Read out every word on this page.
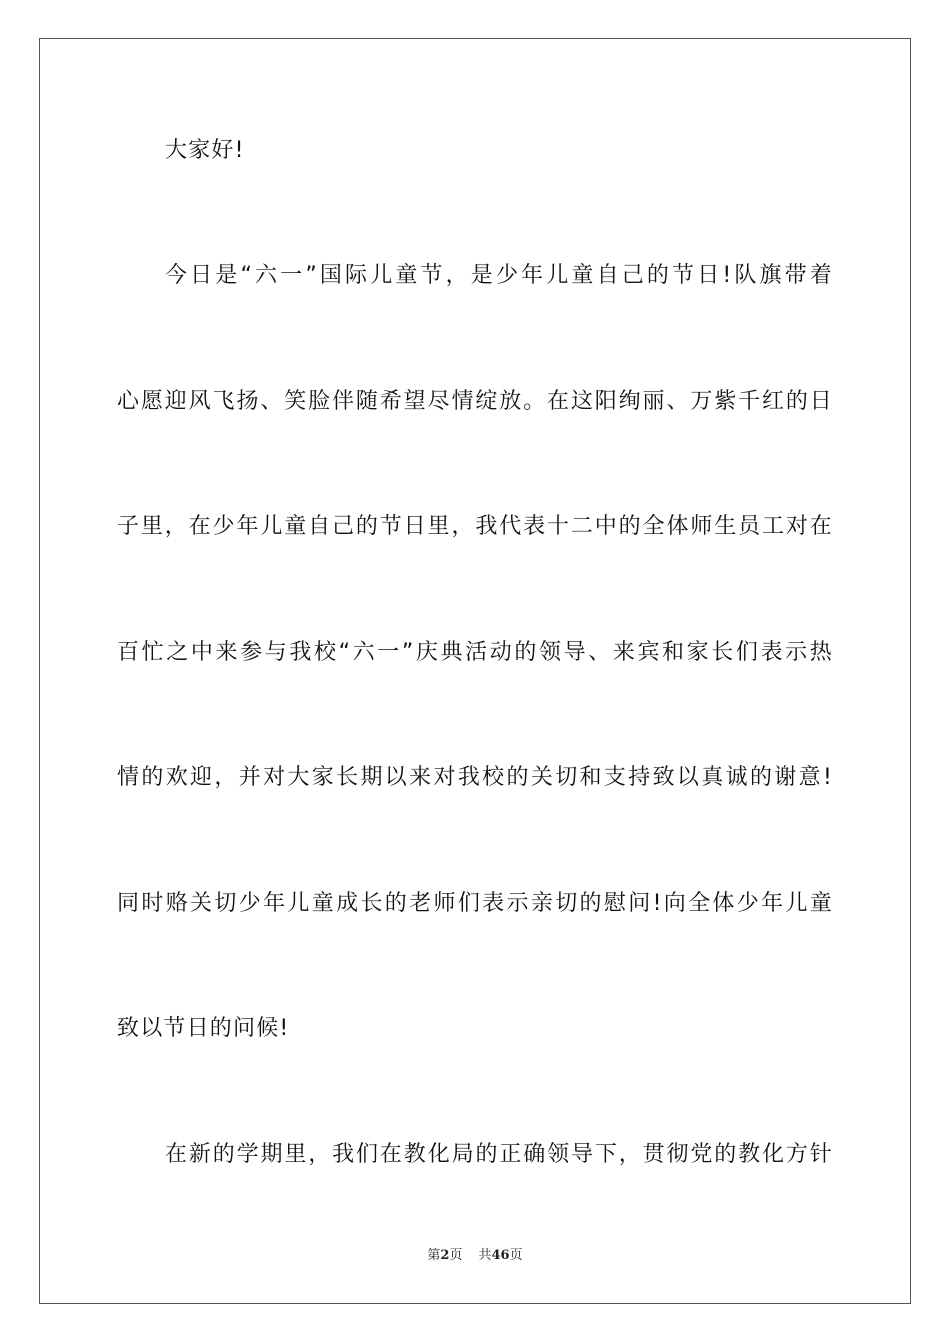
大家好!
今日是“六一”国际儿童节，是少年儿童自己的节日!队旗带着
心愿迎风飞扬、笑脸伴随希望尽情绽放。在这阳绚丽、万紫千红的日
子里，在少年儿童自己的节日里，我代表十二中的全体师生员工对在
百忙之中来参与我校“六一”庆典活动的领导、来宾和家长们表示热
情的欢迎，并对大家长期以来对我校的关切和支持致以真诚的谢意!
同时赂关切少年儿童成长的老师们表示亲切的慰问!向全体少年儿童
致以节日的问候!
在新的学期里，我们在教化局的正确领导下，贯彻党的教化方针
第2页 共46页
